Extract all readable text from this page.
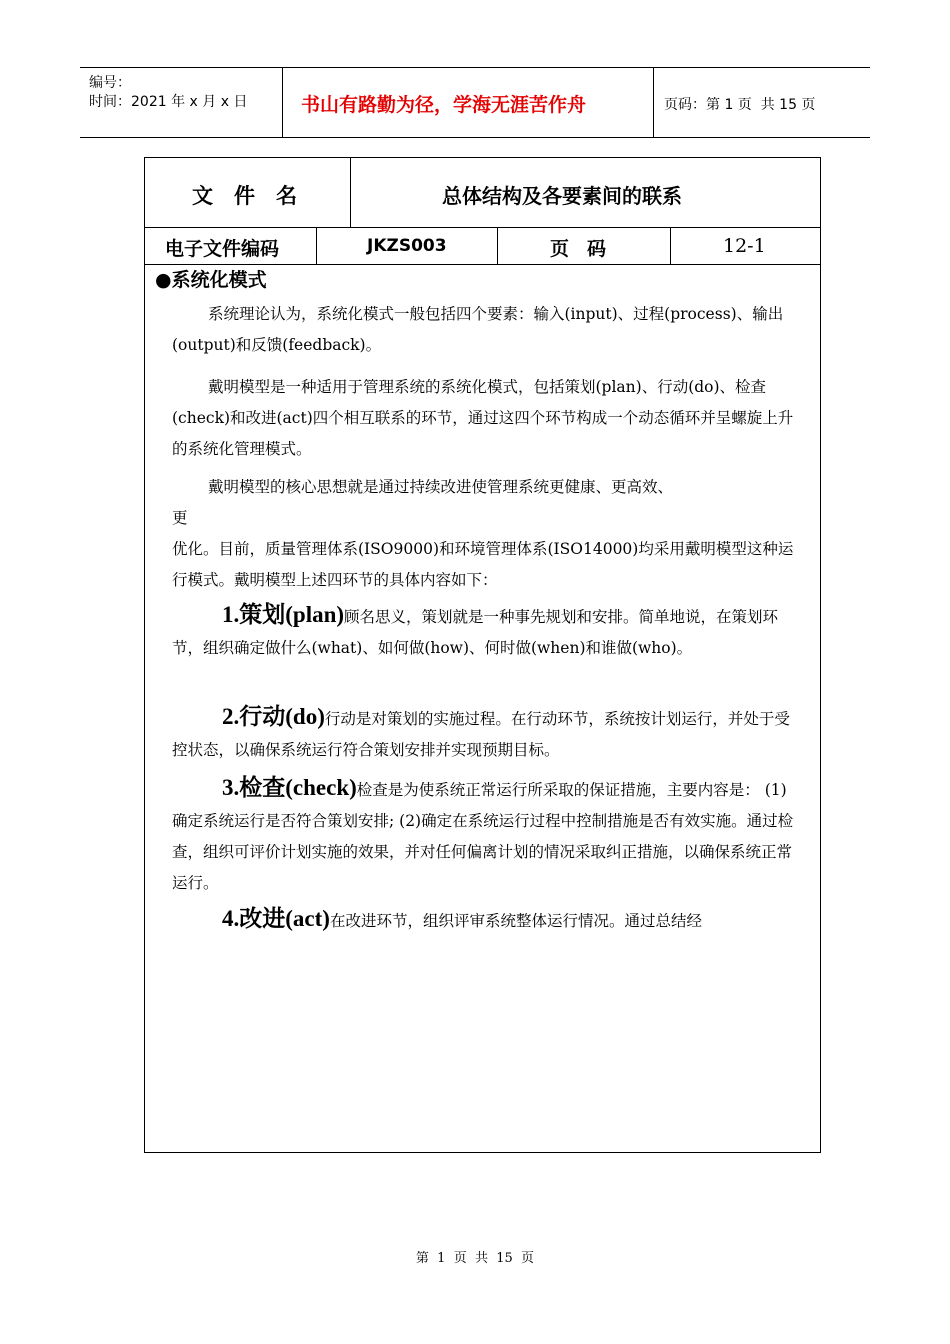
编号：
时间：2021 年 x 月 x 日	书山有路勤为径，学海无涯苦作舟	页码：第 1 页  共 15 页
文件名	总体结构及各要素间的联系
电子文件编码	JKZS003	页码	12-1
●系统化模式
系统理论认为，系统化模式一般包括四个要素：输入(input)、过程(process)、输出(output)和反馈(feedback)。
戴明模型是一种适用于管理系统的系统化模式，包括策划(plan)、行动(do)、检查(check)和改进(act)四个相互联系的环节，通过这四个环节构成一个动态循环并呈螺旋上升的系统化管理模式。
戴明模型的核心思想就是通过持续改进使管理系统更健康、更高效、
更
优化。目前，质量管理体系(ISO9000)和环境管理体系(ISO14000)均采用戴明模型这种运行模式。戴明模型上述四环节的具体内容如下：
1.策划(plan)顾名思义，策划就是一种事先规划和安排。简单地说，在策划环节，组织确定做什么(what)、如何做(how)、何时做(when)和谁做(who)。
2.行动(do)行动是对策划的实施过程。在行动环节，系统按计划运行，并处于受控状态，以确保系统运行符合策划安排并实现预期目标。
3.检查(check)检查是为使系统正常运行所采取的保证措施，主要内容是： (1)确定系统运行是否符合策划安排; (2)确定在系统运行过程中控制措施是否有效实施。通过检查，组织可评价计划实施的效果，并对任何偏离计划的情况采取纠正措施，以确保系统正常运行。
4.改进(act)在改进环节，组织评审系统整体运行情况。通过总结经
第  1  页  共  15  页
